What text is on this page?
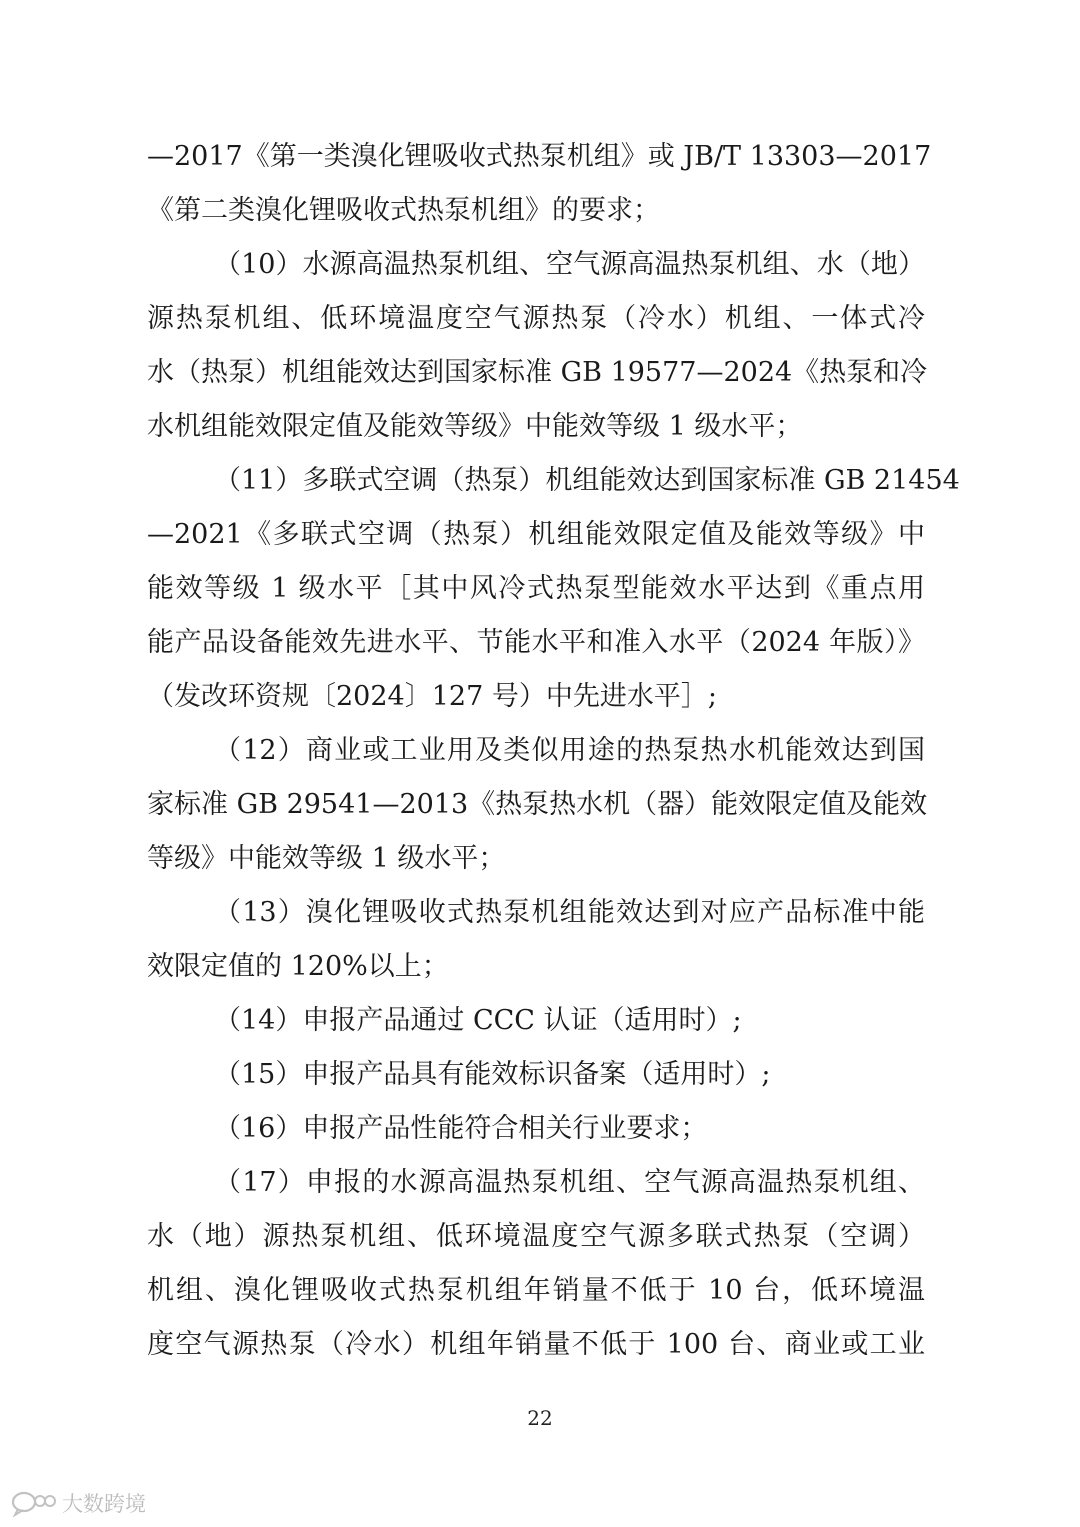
—2017《第一类溴化锂吸收式热泵机组》或 JB/T 13303—2017
《第二类溴化锂吸收式热泵机组》的要求；
（10）水源高温热泵机组、空气源高温热泵机组、水（地）
源热泵机组、低环境温度空气源热泵（冷水）机组、一体式冷
水（热泵）机组能效达到国家标准 GB 19577—2024《热泵和冷
水机组能效限定值及能效等级》中能效等级 1 级水平；
（11）多联式空调（热泵）机组能效达到国家标准 GB 21454
—2021《多联式空调（热泵）机组能效限定值及能效等级》中
能效等级 1 级水平［其中风冷式热泵型能效水平达到《重点用
能产品设备能效先进水平、节能水平和准入水平（2024 年版）》
（发改环资规〔2024〕127 号）中先进水平］;
（12）商业或工业用及类似用途的热泵热水机能效达到国
家标准 GB 29541—2013《热泵热水机（器）能效限定值及能效
等级》中能效等级 1 级水平；
（13）溴化锂吸收式热泵机组能效达到对应产品标准中能
效限定值的 120%以上；
（14）申报产品通过 CCC 认证（适用时）;
（15）申报产品具有能效标识备案（适用时）;
（16）申报产品性能符合相关行业要求；
（17）申报的水源高温热泵机组、空气源高温热泵机组、
水（地）源热泵机组、低环境温度空气源多联式热泵（空调）
机组、溴化锂吸收式热泵机组年销量不低于 10 台，低环境温
度空气源热泵（冷水）机组年销量不低于 100 台、商业或工业
22
大数跨境
